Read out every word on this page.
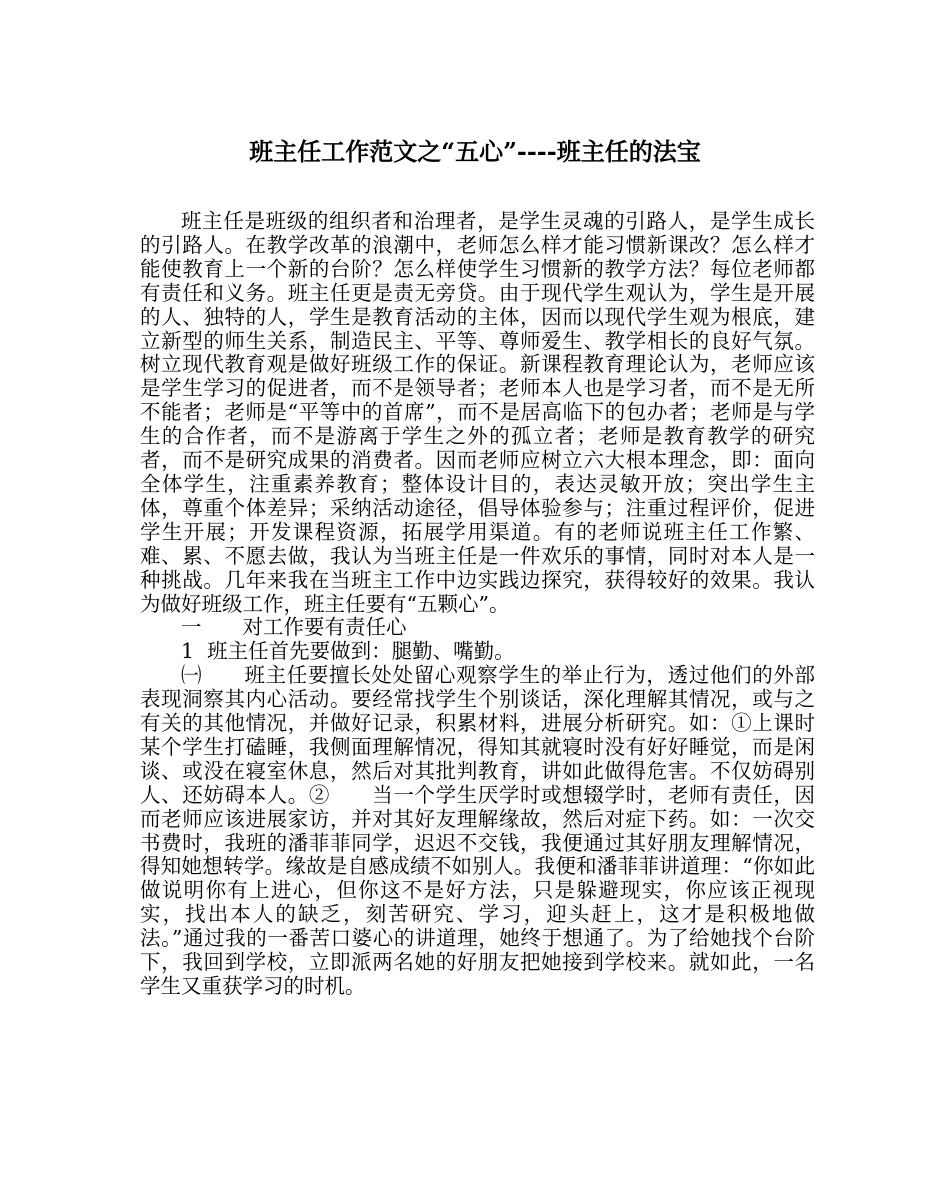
班主任工作范文之“五心”----班主任的法宝

班主任是班级的组织者和治理者，是学生灵魂的引路人，是学生成长的引路人。在教学改革的浪潮中，老师怎么样才能习惯新课改？怎么样才能使教育上一个新的台阶？怎么样使学生习惯新的教学方法？每位老师都有责任和义务。班主任更是责无旁贷。由于现代学生观认为，学生是开展的人、独特的人，学生是教育活动的主体，因而以现代学生观为根底，建立新型的师生关系，制造民主、平等、尊师爱生、教学相长的良好气氛。树立现代教育观是做好班级工作的保证。新课程教育理论认为，老师应该是学生学习的促进者，而不是领导者；老师本人也是学习者，而不是无所不能者；老师是“平等中的首席”，而不是居高临下的包办者；老师是与学生的合作者，而不是游离于学生之外的孤立者；老师是教育教学的研究者，而不是研究成果的消费者。因而老师应树立六大根本理念，即：面向全体学生，注重素养教育；整体设计目的，表达灵敏开放；突出学生主体，尊重个体差异；采纳活动途径，倡导体验参与；注重过程评价，促进学生开展；开发课程资源，拓展学用渠道。有的老师说班主任工作繁、难、累、不愿去做，我认为当班主任是一件欢乐的事情，同时对本人是一种挑战。几年来我在当班主工作中边实践边探究，获得较好的效果。我认为做好班级工作，班主任要有“五颗心”。

一　　对工作要有责任心

1  班主任首先要做到：腿勤、嘴勤。

㈠　　班主任要擅长处处留心观察学生的举止行为，透过他们的外部表现洞察其内心活动。要经常找学生个别谈话，深化理解其情况，或与之有关的其他情况，并做好记录，积累材料，进展分析研究。如：①上课时某个学生打磕睡，我侧面理解情况，得知其就寝时没有好好睡觉，而是闲谈、或没在寝室休息，然后对其批判教育，讲如此做得危害。不仅妨碍别人、还妨碍本人。②　　当一个学生厌学时或想辍学时，老师有责任，因而老师应该进展家访，并对其好友理解缘故，然后对症下药。如：一次交书费时，我班的潘菲菲同学，迟迟不交钱，我便通过其好朋友理解情况，得知她想转学。缘故是自感成绩不如别人。我便和潘菲菲讲道理：“你如此做说明你有上进心，但你这不是好方法，只是躲避现实，你应该正视现实，找出本人的缺乏，刻苦研究、学习，迎头赶上，这才是积极地做法。”通过我的一番苦口婆心的讲道理，她终于想通了。为了给她找个台阶下，我回到学校，立即派两名她的好朋友把她接到学校来。就如此，一名学生又重获学习的时机。
